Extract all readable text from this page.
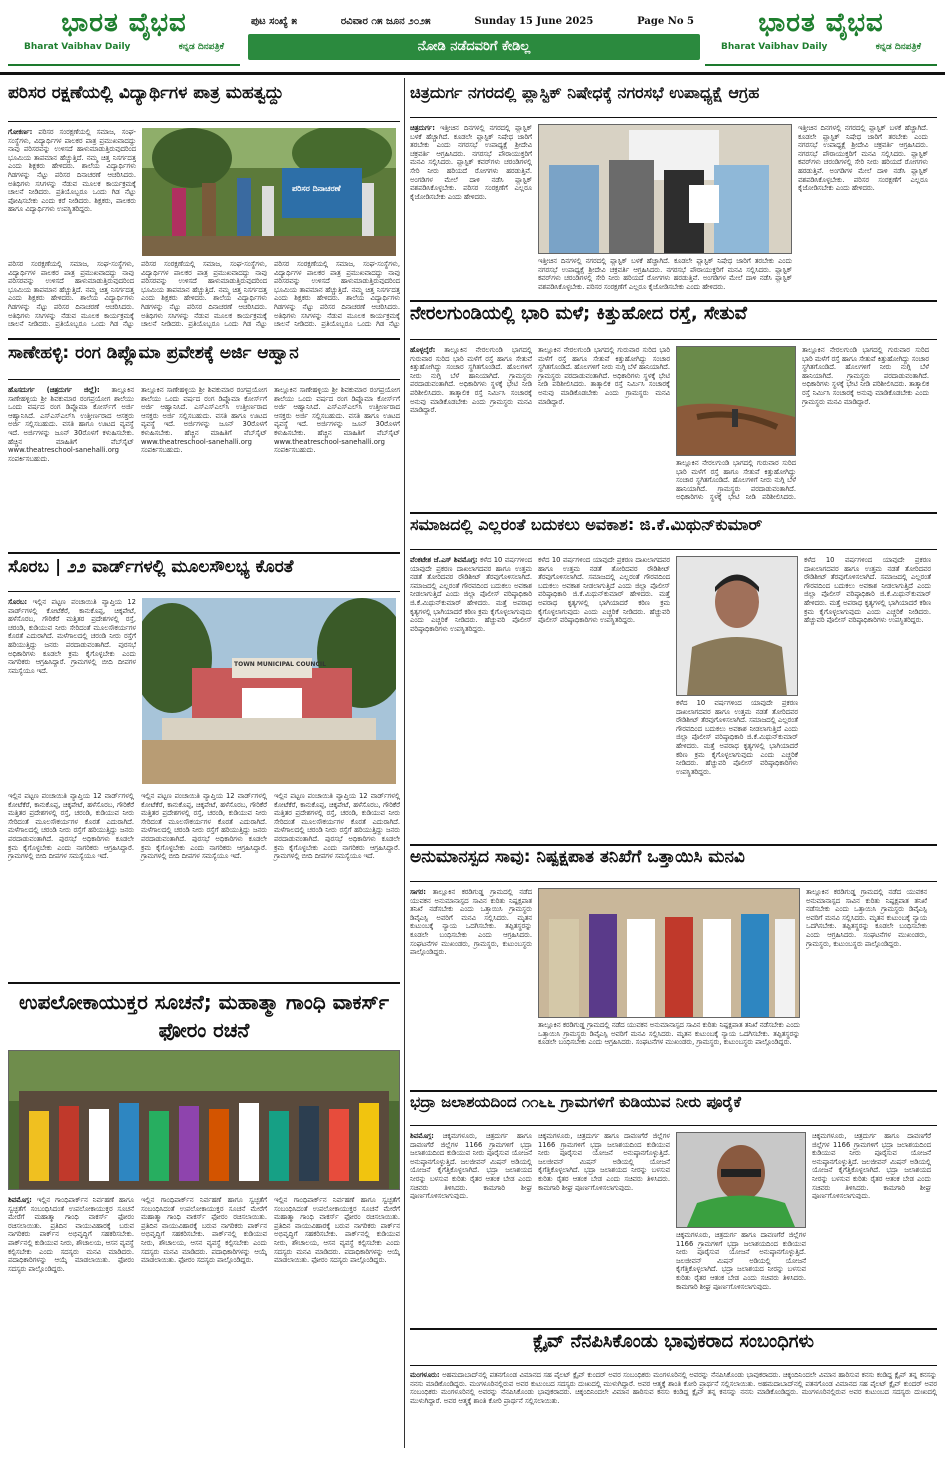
ಭಾರತ ವೈಭವ
Bharat Vaibhav Daily	ಕನ್ನಡ ದಿನಪತ್ರಿಕೆ
ಪುಟ ಸಂಖ್ಯೆ ೫	ರವಿವಾರ ೧೫ ಜೂನ ೨೦೨೫	Sunday 15 June 2025	Page No 5
ನೋಡಿ ನಡೆದವರಿಗೆ ಕೇಡಿಲ್ಲ
ಭಾರತ ವೈಭವ
Bharat Vaibhav Daily	ಕನ್ನಡ ದಿನಪತ್ರಿಕೆ
ಪರಿಸರ ರಕ್ಷಣೆಯಲ್ಲಿ ವಿದ್ಯಾರ್ಥಿಗಳ ಪಾತ್ರ ಮಹತ್ವದ್ದು
ಗೋಕರ್ಣ: ಪರಿಸರ ಸಂರಕ್ಷಣೆಯಲ್ಲಿ ಸಮಾಜ, ಸಂಘ-ಸಂಸ್ಥೆಗಳು, ವಿದ್ಯಾರ್ಥಿಗಳ ಪಾಲಕರ ಪಾತ್ರ ಪ್ರಮುಖವಾದದ್ದು ನಾವು ಪರಿಸರವನ್ನು ಉಳಿಸದೆ ಹಾಳುಮಾಡುತ್ತಿರುವುದರಿಂದ ಭೂಮಿಯ ತಾಪಮಾನ ಹೆಚ್ಚುತ್ತಿದೆ. ನಮ್ಮ ಚಿತ್ತ ನಿಸರ್ಗದತ್ತ ಎಂದು ಶಿಕ್ಷಕರು ಹೇಳಿದರು. ಶಾಲೆಯ ವಿದ್ಯಾರ್ಥಿಗಳು ಗಿಡಗಳನ್ನು ನೆಟ್ಟು ಪರಿಸರ ದಿನಾಚರಣೆ ಆಚರಿಸಿದರು. ಅತಿಥಿಗಳು ಸಸಿಗಳನ್ನು ನೆಡುವ ಮೂಲಕ ಕಾರ್ಯಕ್ರಮಕ್ಕೆ ಚಾಲನೆ ನೀಡಿದರು. ಪ್ರತಿಯೊಬ್ಬರೂ ಒಂದು ಗಿಡ ನೆಟ್ಟು ಪೋಷಿಸಬೇಕು ಎಂದು ಕರೆ ನೀಡಿದರು. ಶಿಕ್ಷಕರು, ಪಾಲಕರು ಹಾಗೂ ವಿದ್ಯಾರ್ಥಿಗಳು ಉಪಸ್ಥಿತರಿದ್ದರು.
ಪರಿಸರ ದಿನಾಚರಣೆ
ಪರಿಸರ ಸಂರಕ್ಷಣೆಯಲ್ಲಿ ಸಮಾಜ, ಸಂಘ-ಸಂಸ್ಥೆಗಳು, ವಿದ್ಯಾರ್ಥಿಗಳ ಪಾಲಕರ ಪಾತ್ರ ಪ್ರಮುಖವಾದದ್ದು ನಾವು ಪರಿಸರವನ್ನು ಉಳಿಸದೆ ಹಾಳುಮಾಡುತ್ತಿರುವುದರಿಂದ ಭೂಮಿಯ ತಾಪಮಾನ ಹೆಚ್ಚುತ್ತಿದೆ. ನಮ್ಮ ಚಿತ್ತ ನಿಸರ್ಗದತ್ತ ಎಂದು ಶಿಕ್ಷಕರು ಹೇಳಿದರು. ಶಾಲೆಯ ವಿದ್ಯಾರ್ಥಿಗಳು ಗಿಡಗಳನ್ನು ನೆಟ್ಟು ಪರಿಸರ ದಿನಾಚರಣೆ ಆಚರಿಸಿದರು. ಅತಿಥಿಗಳು ಸಸಿಗಳನ್ನು ನೆಡುವ ಮೂಲಕ ಕಾರ್ಯಕ್ರಮಕ್ಕೆ ಚಾಲನೆ ನೀಡಿದರು. ಪ್ರತಿಯೊಬ್ಬರೂ ಒಂದು ಗಿಡ ನೆಟ್ಟು
ಪರಿಸರ ಸಂರಕ್ಷಣೆಯಲ್ಲಿ ಸಮಾಜ, ಸಂಘ-ಸಂಸ್ಥೆಗಳು, ವಿದ್ಯಾರ್ಥಿಗಳ ಪಾಲಕರ ಪಾತ್ರ ಪ್ರಮುಖವಾದದ್ದು ನಾವು ಪರಿಸರವನ್ನು ಉಳಿಸದೆ ಹಾಳುಮಾಡುತ್ತಿರುವುದರಿಂದ ಭೂಮಿಯ ತಾಪಮಾನ ಹೆಚ್ಚುತ್ತಿದೆ. ನಮ್ಮ ಚಿತ್ತ ನಿಸರ್ಗದತ್ತ ಎಂದು ಶಿಕ್ಷಕರು ಹೇಳಿದರು. ಶಾಲೆಯ ವಿದ್ಯಾರ್ಥಿಗಳು ಗಿಡಗಳನ್ನು ನೆಟ್ಟು ಪರಿಸರ ದಿನಾಚರಣೆ ಆಚರಿಸಿದರು. ಅತಿಥಿಗಳು ಸಸಿಗಳನ್ನು ನೆಡುವ ಮೂಲಕ ಕಾರ್ಯಕ್ರಮಕ್ಕೆ ಚಾಲನೆ ನೀಡಿದರು. ಪ್ರತಿಯೊಬ್ಬರೂ ಒಂದು ಗಿಡ ನೆಟ್ಟು
ಪರಿಸರ ಸಂರಕ್ಷಣೆಯಲ್ಲಿ ಸಮಾಜ, ಸಂಘ-ಸಂಸ್ಥೆಗಳು, ವಿದ್ಯಾರ್ಥಿಗಳ ಪಾಲಕರ ಪಾತ್ರ ಪ್ರಮುಖವಾದದ್ದು ನಾವು ಪರಿಸರವನ್ನು ಉಳಿಸದೆ ಹಾಳುಮಾಡುತ್ತಿರುವುದರಿಂದ ಭೂಮಿಯ ತಾಪಮಾನ ಹೆಚ್ಚುತ್ತಿದೆ. ನಮ್ಮ ಚಿತ್ತ ನಿಸರ್ಗದತ್ತ ಎಂದು ಶಿಕ್ಷಕರು ಹೇಳಿದರು. ಶಾಲೆಯ ವಿದ್ಯಾರ್ಥಿಗಳು ಗಿಡಗಳನ್ನು ನೆಟ್ಟು ಪರಿಸರ ದಿನಾಚರಣೆ ಆಚರಿಸಿದರು. ಅತಿಥಿಗಳು ಸಸಿಗಳನ್ನು ನೆಡುವ ಮೂಲಕ ಕಾರ್ಯಕ್ರಮಕ್ಕೆ ಚಾಲನೆ ನೀಡಿದರು. ಪ್ರತಿಯೊಬ್ಬರೂ ಒಂದು ಗಿಡ ನೆಟ್ಟು
ಸಾಣೇಹಳ್ಳಿ: ರಂಗ ಡಿಪ್ಲೊಮಾ ಪ್ರವೇಶಕ್ಕೆ ಅರ್ಜಿ ಆಹ್ವಾನ
ಹೊಸದುರ್ಗ (ಚಿತ್ರದುರ್ಗ ಜಿಲ್ಲೆ): ತಾಲ್ಲೂಕಿನ ಸಾಣೇಹಳ್ಳಿಯ ಶ್ರೀ ಶಿವಕುಮಾರ ರಂಗಪ್ರಯೋಗ ಶಾಲೆಯು ಒಂದು ವರ್ಷದ ರಂಗ ಡಿಪ್ಲೊಮಾ ಕೋರ್ಸ್‌ಗೆ ಅರ್ಜಿ ಆಹ್ವಾನಿಸಿದೆ. ಎಸ್‌ಎಸ್‌ಎಲ್‌ಸಿ ಉತ್ತೀರ್ಣರಾದ ಆಸಕ್ತರು ಅರ್ಜಿ ಸಲ್ಲಿಸಬಹುದು. ವಸತಿ ಹಾಗೂ ಊಟದ ವ್ಯವಸ್ಥೆ ಇದೆ. ಅರ್ಜಿಗಳನ್ನು ಜೂನ್ 30ರೊಳಗೆ ಕಳುಹಿಸಬೇಕು. ಹೆಚ್ಚಿನ ಮಾಹಿತಿಗೆ ವೆಬ್‌ಸೈಟ್ www.theatreschool-sanehalli.org ಸಂಪರ್ಕಿಸಬಹುದು.
ತಾಲ್ಲೂಕಿನ ಸಾಣೇಹಳ್ಳಿಯ ಶ್ರೀ ಶಿವಕುಮಾರ ರಂಗಪ್ರಯೋಗ ಶಾಲೆಯು ಒಂದು ವರ್ಷದ ರಂಗ ಡಿಪ್ಲೊಮಾ ಕೋರ್ಸ್‌ಗೆ ಅರ್ಜಿ ಆಹ್ವಾನಿಸಿದೆ. ಎಸ್‌ಎಸ್‌ಎಲ್‌ಸಿ ಉತ್ತೀರ್ಣರಾದ ಆಸಕ್ತರು ಅರ್ಜಿ ಸಲ್ಲಿಸಬಹುದು. ವಸತಿ ಹಾಗೂ ಊಟದ ವ್ಯವಸ್ಥೆ ಇದೆ. ಅರ್ಜಿಗಳನ್ನು ಜೂನ್ 30ರೊಳಗೆ ಕಳುಹಿಸಬೇಕು. ಹೆಚ್ಚಿನ ಮಾಹಿತಿಗೆ ವೆಬ್‌ಸೈಟ್ www.theatreschool-sanehalli.org ಸಂಪರ್ಕಿಸಬಹುದು.
ತಾಲ್ಲೂಕಿನ ಸಾಣೇಹಳ್ಳಿಯ ಶ್ರೀ ಶಿವಕುಮಾರ ರಂಗಪ್ರಯೋಗ ಶಾಲೆಯು ಒಂದು ವರ್ಷದ ರಂಗ ಡಿಪ್ಲೊಮಾ ಕೋರ್ಸ್‌ಗೆ ಅರ್ಜಿ ಆಹ್ವಾನಿಸಿದೆ. ಎಸ್‌ಎಸ್‌ಎಲ್‌ಸಿ ಉತ್ತೀರ್ಣರಾದ ಆಸಕ್ತರು ಅರ್ಜಿ ಸಲ್ಲಿಸಬಹುದು. ವಸತಿ ಹಾಗೂ ಊಟದ ವ್ಯವಸ್ಥೆ ಇದೆ. ಅರ್ಜಿಗಳನ್ನು ಜೂನ್ 30ರೊಳಗೆ ಕಳುಹಿಸಬೇಕು. ಹೆಚ್ಚಿನ ಮಾಹಿತಿಗೆ ವೆಬ್‌ಸೈಟ್ www.theatreschool-sanehalli.org ಸಂಪರ್ಕಿಸಬಹುದು.
ಸೊರಬ | ೨೨ ವಾರ್ಡ್‌ಗಳಲ್ಲಿ ಮೂಲಸೌಲಭ್ಯ ಕೊರತೆ
ಸೊರಬ: ಇಲ್ಲಿನ ಪಟ್ಟಣ ಪಂಚಾಯಿತಿ ವ್ಯಾಪ್ತಿಯ 12 ವಾರ್ಡ್‌ಗಳಲ್ಲಿ ಕೋಟೆಕೆರೆ, ಕಾನುಕೊಪ್ಪ, ಚಿಕ್ಕಪೇಟೆ, ಹಳೆಸೊರಬ, ಗೌರಿಕೆರೆ ಮತ್ತಿತರ ಪ್ರದೇಶಗಳಲ್ಲಿ ರಸ್ತೆ, ಚರಂಡಿ, ಕುಡಿಯುವ ನೀರು ಸೇರಿದಂತೆ ಮೂಲಸೌಕರ್ಯಗಳ ಕೊರತೆ ಎದುರಾಗಿದೆ. ಮಳೆಗಾಲದಲ್ಲಿ ಚರಂಡಿ ನೀರು ರಸ್ತೆಗೆ ಹರಿಯುತ್ತಿದ್ದು ಜನರು ಪರದಾಡುವಂತಾಗಿದೆ. ಪುರಸಭೆ ಅಧಿಕಾರಿಗಳು ಕೂಡಲೇ ಕ್ರಮ ಕೈಗೊಳ್ಳಬೇಕು ಎಂದು ನಾಗರಿಕರು ಆಗ್ರಹಿಸಿದ್ದಾರೆ. ಗ್ರಾಮಗಳಲ್ಲಿ ಬೀದಿ ದೀಪಗಳ ಸಮಸ್ಯೆಯೂ ಇದೆ.
TOWN MUNICIPAL COUNCIL
ಇಲ್ಲಿನ ಪಟ್ಟಣ ಪಂಚಾಯಿತಿ ವ್ಯಾಪ್ತಿಯ 12 ವಾರ್ಡ್‌ಗಳಲ್ಲಿ ಕೋಟೆಕೆರೆ, ಕಾನುಕೊಪ್ಪ, ಚಿಕ್ಕಪೇಟೆ, ಹಳೆಸೊರಬ, ಗೌರಿಕೆರೆ ಮತ್ತಿತರ ಪ್ರದೇಶಗಳಲ್ಲಿ ರಸ್ತೆ, ಚರಂಡಿ, ಕುಡಿಯುವ ನೀರು ಸೇರಿದಂತೆ ಮೂಲಸೌಕರ್ಯಗಳ ಕೊರತೆ ಎದುರಾಗಿದೆ. ಮಳೆಗಾಲದಲ್ಲಿ ಚರಂಡಿ ನೀರು ರಸ್ತೆಗೆ ಹರಿಯುತ್ತಿದ್ದು ಜನರು ಪರದಾಡುವಂತಾಗಿದೆ. ಪುರಸಭೆ ಅಧಿಕಾರಿಗಳು ಕೂಡಲೇ ಕ್ರಮ ಕೈಗೊಳ್ಳಬೇಕು ಎಂದು ನಾಗರಿಕರು ಆಗ್ರಹಿಸಿದ್ದಾರೆ. ಗ್ರಾಮಗಳಲ್ಲಿ ಬೀದಿ ದೀಪಗಳ ಸಮಸ್ಯೆಯೂ ಇದೆ.
ಇಲ್ಲಿನ ಪಟ್ಟಣ ಪಂಚಾಯಿತಿ ವ್ಯಾಪ್ತಿಯ 12 ವಾರ್ಡ್‌ಗಳಲ್ಲಿ ಕೋಟೆಕೆರೆ, ಕಾನುಕೊಪ್ಪ, ಚಿಕ್ಕಪೇಟೆ, ಹಳೆಸೊರಬ, ಗೌರಿಕೆರೆ ಮತ್ತಿತರ ಪ್ರದೇಶಗಳಲ್ಲಿ ರಸ್ತೆ, ಚರಂಡಿ, ಕುಡಿಯುವ ನೀರು ಸೇರಿದಂತೆ ಮೂಲಸೌಕರ್ಯಗಳ ಕೊರತೆ ಎದುರಾಗಿದೆ. ಮಳೆಗಾಲದಲ್ಲಿ ಚರಂಡಿ ನೀರು ರಸ್ತೆಗೆ ಹರಿಯುತ್ತಿದ್ದು ಜನರು ಪರದಾಡುವಂತಾಗಿದೆ. ಪುರಸಭೆ ಅಧಿಕಾರಿಗಳು ಕೂಡಲೇ ಕ್ರಮ ಕೈಗೊಳ್ಳಬೇಕು ಎಂದು ನಾಗರಿಕರು ಆಗ್ರಹಿಸಿದ್ದಾರೆ. ಗ್ರಾಮಗಳಲ್ಲಿ ಬೀದಿ ದೀಪಗಳ ಸಮಸ್ಯೆಯೂ ಇದೆ.
ಇಲ್ಲಿನ ಪಟ್ಟಣ ಪಂಚಾಯಿತಿ ವ್ಯಾಪ್ತಿಯ 12 ವಾರ್ಡ್‌ಗಳಲ್ಲಿ ಕೋಟೆಕೆರೆ, ಕಾನುಕೊಪ್ಪ, ಚಿಕ್ಕಪೇಟೆ, ಹಳೆಸೊರಬ, ಗೌರಿಕೆರೆ ಮತ್ತಿತರ ಪ್ರದೇಶಗಳಲ್ಲಿ ರಸ್ತೆ, ಚರಂಡಿ, ಕುಡಿಯುವ ನೀರು ಸೇರಿದಂತೆ ಮೂಲಸೌಕರ್ಯಗಳ ಕೊರತೆ ಎದುರಾಗಿದೆ. ಮಳೆಗಾಲದಲ್ಲಿ ಚರಂಡಿ ನೀರು ರಸ್ತೆಗೆ ಹರಿಯುತ್ತಿದ್ದು ಜನರು ಪರದಾಡುವಂತಾಗಿದೆ. ಪುರಸಭೆ ಅಧಿಕಾರಿಗಳು ಕೂಡಲೇ ಕ್ರಮ ಕೈಗೊಳ್ಳಬೇಕು ಎಂದು ನಾಗರಿಕರು ಆಗ್ರಹಿಸಿದ್ದಾರೆ. ಗ್ರಾಮಗಳಲ್ಲಿ ಬೀದಿ ದೀಪಗಳ ಸಮಸ್ಯೆಯೂ ಇದೆ.
ಉಪಲೋಕಾಯುಕ್ತರ ಸೂಚನೆ; ಮಹಾತ್ಮಾ ಗಾಂಧಿ ವಾಕರ್ಸ್ ಫೋರಂ ರಚನೆ
ಶಿವಮೊಗ್ಗ: ಇಲ್ಲಿನ ಗಾಂಧಿಪಾರ್ಕ್‌ನ ನಿರ್ವಹಣೆ ಹಾಗೂ ಸ್ವಚ್ಛತೆಗೆ ಸಂಬಂಧಿಸಿದಂತೆ ಉಪಲೋಕಾಯುಕ್ತರ ಸೂಚನೆ ಮೇರೆಗೆ ಮಹಾತ್ಮಾ ಗಾಂಧಿ ವಾಕರ್ಸ್ ಫೋರಂ ರಚಿಸಲಾಯಿತು. ಪ್ರತಿದಿನ ವಾಯುವಿಹಾರಕ್ಕೆ ಬರುವ ನಾಗರಿಕರು ಪಾರ್ಕ್‌ನ ಅಭಿವೃದ್ಧಿಗೆ ಸಹಕರಿಸಬೇಕು. ಪಾರ್ಕ್‌ನಲ್ಲಿ ಕುಡಿಯುವ ನೀರು, ಶೌಚಾಲಯ, ಆಸನ ವ್ಯವಸ್ಥೆ ಕಲ್ಪಿಸಬೇಕು ಎಂದು ಸದಸ್ಯರು ಮನವಿ ಮಾಡಿದರು. ಪದಾಧಿಕಾರಿಗಳನ್ನು ಆಯ್ಕೆ ಮಾಡಲಾಯಿತು. ಫೋರಂ ಸದಸ್ಯರು ಪಾಲ್ಗೊಂಡಿದ್ದರು.
ಇಲ್ಲಿನ ಗಾಂಧಿಪಾರ್ಕ್‌ನ ನಿರ್ವಹಣೆ ಹಾಗೂ ಸ್ವಚ್ಛತೆಗೆ ಸಂಬಂಧಿಸಿದಂತೆ ಉಪಲೋಕಾಯುಕ್ತರ ಸೂಚನೆ ಮೇರೆಗೆ ಮಹಾತ್ಮಾ ಗಾಂಧಿ ವಾಕರ್ಸ್ ಫೋರಂ ರಚಿಸಲಾಯಿತು. ಪ್ರತಿದಿನ ವಾಯುವಿಹಾರಕ್ಕೆ ಬರುವ ನಾಗರಿಕರು ಪಾರ್ಕ್‌ನ ಅಭಿವೃದ್ಧಿಗೆ ಸಹಕರಿಸಬೇಕು. ಪಾರ್ಕ್‌ನಲ್ಲಿ ಕುಡಿಯುವ ನೀರು, ಶೌಚಾಲಯ, ಆಸನ ವ್ಯವಸ್ಥೆ ಕಲ್ಪಿಸಬೇಕು ಎಂದು ಸದಸ್ಯರು ಮನವಿ ಮಾಡಿದರು. ಪದಾಧಿಕಾರಿಗಳನ್ನು ಆಯ್ಕೆ ಮಾಡಲಾಯಿತು. ಫೋರಂ ಸದಸ್ಯರು ಪಾಲ್ಗೊಂಡಿದ್ದರು.
ಇಲ್ಲಿನ ಗಾಂಧಿಪಾರ್ಕ್‌ನ ನಿರ್ವಹಣೆ ಹಾಗೂ ಸ್ವಚ್ಛತೆಗೆ ಸಂಬಂಧಿಸಿದಂತೆ ಉಪಲೋಕಾಯುಕ್ತರ ಸೂಚನೆ ಮೇರೆಗೆ ಮಹಾತ್ಮಾ ಗಾಂಧಿ ವಾಕರ್ಸ್ ಫೋರಂ ರಚಿಸಲಾಯಿತು. ಪ್ರತಿದಿನ ವಾಯುವಿಹಾರಕ್ಕೆ ಬರುವ ನಾಗರಿಕರು ಪಾರ್ಕ್‌ನ ಅಭಿವೃದ್ಧಿಗೆ ಸಹಕರಿಸಬೇಕು. ಪಾರ್ಕ್‌ನಲ್ಲಿ ಕುಡಿಯುವ ನೀರು, ಶೌಚಾಲಯ, ಆಸನ ವ್ಯವಸ್ಥೆ ಕಲ್ಪಿಸಬೇಕು ಎಂದು ಸದಸ್ಯರು ಮನವಿ ಮಾಡಿದರು. ಪದಾಧಿಕಾರಿಗಳನ್ನು ಆಯ್ಕೆ ಮಾಡಲಾಯಿತು. ಫೋರಂ ಸದಸ್ಯರು ಪಾಲ್ಗೊಂಡಿದ್ದರು.
ಚಿತ್ರದುರ್ಗ ನಗರದಲ್ಲಿ ಪ್ಲಾಸ್ಟಿಕ್ ನಿಷೇಧಕ್ಕೆ ನಗರಸಭೆ ಉಪಾಧ್ಯಕ್ಷೆ ಆಗ್ರಹ
ಚಿತ್ರದುರ್ಗ: ಇತ್ತೀಚಿನ ದಿನಗಳಲ್ಲಿ ನಗರದಲ್ಲಿ ಪ್ಲಾಸ್ಟಿಕ್ ಬಳಕೆ ಹೆಚ್ಚಾಗಿದೆ. ಕೂಡಲೇ ಪ್ಲಾಸ್ಟಿಕ್ ನಿಷೇಧ ಜಾರಿಗೆ ತರಬೇಕು ಎಂದು ನಗರಸಭೆ ಉಪಾಧ್ಯಕ್ಷೆ ಶ್ರೀದೇವಿ ಚಕ್ರವರ್ತಿ ಆಗ್ರಹಿಸಿದರು. ನಗರಸಭೆ ಪೌರಾಯುಕ್ತರಿಗೆ ಮನವಿ ಸಲ್ಲಿಸಿದರು. ಪ್ಲಾಸ್ಟಿಕ್ ಕವರ್‌ಗಳು ಚರಂಡಿಗಳಲ್ಲಿ ಸೇರಿ ನೀರು ಹರಿಯದೆ ರೋಗಗಳು ಹರಡುತ್ತಿವೆ. ಅಂಗಡಿಗಳ ಮೇಲೆ ದಾಳಿ ನಡೆಸಿ ಪ್ಲಾಸ್ಟಿಕ್ ವಶಪಡಿಸಿಕೊಳ್ಳಬೇಕು. ಪರಿಸರ ಸಂರಕ್ಷಣೆಗೆ ಎಲ್ಲರೂ ಕೈಜೋಡಿಸಬೇಕು ಎಂದು ಹೇಳಿದರು.
ಇತ್ತೀಚಿನ ದಿನಗಳಲ್ಲಿ ನಗರದಲ್ಲಿ ಪ್ಲಾಸ್ಟಿಕ್ ಬಳಕೆ ಹೆಚ್ಚಾಗಿದೆ. ಕೂಡಲೇ ಪ್ಲಾಸ್ಟಿಕ್ ನಿಷೇಧ ಜಾರಿಗೆ ತರಬೇಕು ಎಂದು ನಗರಸಭೆ ಉಪಾಧ್ಯಕ್ಷೆ ಶ್ರೀದೇವಿ ಚಕ್ರವರ್ತಿ ಆಗ್ರಹಿಸಿದರು. ನಗರಸಭೆ ಪೌರಾಯುಕ್ತರಿಗೆ ಮನವಿ ಸಲ್ಲಿಸಿದರು. ಪ್ಲಾಸ್ಟಿಕ್ ಕವರ್‌ಗಳು ಚರಂಡಿಗಳಲ್ಲಿ ಸೇರಿ ನೀರು ಹರಿಯದೆ ರೋಗಗಳು ಹರಡುತ್ತಿವೆ. ಅಂಗಡಿಗಳ ಮೇಲೆ ದಾಳಿ ನಡೆಸಿ ಪ್ಲಾಸ್ಟಿಕ್ ವಶಪಡಿಸಿಕೊಳ್ಳಬೇಕು. ಪರಿಸರ ಸಂರಕ್ಷಣೆಗೆ ಎಲ್ಲರೂ ಕೈಜೋಡಿಸಬೇಕು ಎಂದು ಹೇಳಿದರು.
ಇತ್ತೀಚಿನ ದಿನಗಳಲ್ಲಿ ನಗರದಲ್ಲಿ ಪ್ಲಾಸ್ಟಿಕ್ ಬಳಕೆ ಹೆಚ್ಚಾಗಿದೆ. ಕೂಡಲೇ ಪ್ಲಾಸ್ಟಿಕ್ ನಿಷೇಧ ಜಾರಿಗೆ ತರಬೇಕು ಎಂದು ನಗರಸಭೆ ಉಪಾಧ್ಯಕ್ಷೆ ಶ್ರೀದೇವಿ ಚಕ್ರವರ್ತಿ ಆಗ್ರಹಿಸಿದರು. ನಗರಸಭೆ ಪೌರಾಯುಕ್ತರಿಗೆ ಮನವಿ ಸಲ್ಲಿಸಿದರು. ಪ್ಲಾಸ್ಟಿಕ್ ಕವರ್‌ಗಳು ಚರಂಡಿಗಳಲ್ಲಿ ಸೇರಿ ನೀರು ಹರಿಯದೆ ರೋಗಗಳು ಹರಡುತ್ತಿವೆ. ಅಂಗಡಿಗಳ ಮೇಲೆ ದಾಳಿ ನಡೆಸಿ ಪ್ಲಾಸ್ಟಿಕ್ ವಶಪಡಿಸಿಕೊಳ್ಳಬೇಕು. ಪರಿಸರ ಸಂರಕ್ಷಣೆಗೆ ಎಲ್ಲರೂ ಕೈಜೋಡಿಸಬೇಕು ಎಂದು ಹೇಳಿದರು.
ನೇರಲಗುಂಡಿಯಲ್ಲಿ ಭಾರಿ ಮಳೆ; ಕಿತ್ತುಹೋದ ರಸ್ತೆ, ಸೇತುವೆ
ಹೊಳ್ಳಲ್ಕೆರೆ: ತಾಲ್ಲೂಕಿನ ನೇರಲಗುಂಡಿ ಭಾಗದಲ್ಲಿ ಗುರುವಾರ ಸುರಿದ ಭಾರಿ ಮಳೆಗೆ ರಸ್ತೆ ಹಾಗೂ ಸೇತುವೆ ಕಿತ್ತುಹೋಗಿದ್ದು ಸಂಚಾರ ಸ್ಥಗಿತಗೊಂಡಿದೆ. ಹೊಲಗಳಿಗೆ ನೀರು ನುಗ್ಗಿ ಬೆಳೆ ಹಾನಿಯಾಗಿದೆ. ಗ್ರಾಮಸ್ಥರು ಪರದಾಡುವಂತಾಗಿದೆ. ಅಧಿಕಾರಿಗಳು ಸ್ಥಳಕ್ಕೆ ಭೇಟಿ ನೀಡಿ ಪರಿಶೀಲಿಸಿದರು. ತಾತ್ಕಾಲಿಕ ರಸ್ತೆ ನಿರ್ಮಿಸಿ ಸಂಚಾರಕ್ಕೆ ಅನುವು ಮಾಡಿಕೊಡಬೇಕು ಎಂದು ಗ್ರಾಮಸ್ಥರು ಮನವಿ ಮಾಡಿದ್ದಾರೆ.
ತಾಲ್ಲೂಕಿನ ನೇರಲಗುಂಡಿ ಭಾಗದಲ್ಲಿ ಗುರುವಾರ ಸುರಿದ ಭಾರಿ ಮಳೆಗೆ ರಸ್ತೆ ಹಾಗೂ ಸೇತುವೆ ಕಿತ್ತುಹೋಗಿದ್ದು ಸಂಚಾರ ಸ್ಥಗಿತಗೊಂಡಿದೆ. ಹೊಲಗಳಿಗೆ ನೀರು ನುಗ್ಗಿ ಬೆಳೆ ಹಾನಿಯಾಗಿದೆ. ಗ್ರಾಮಸ್ಥರು ಪರದಾಡುವಂತಾಗಿದೆ. ಅಧಿಕಾರಿಗಳು ಸ್ಥಳಕ್ಕೆ ಭೇಟಿ ನೀಡಿ ಪರಿಶೀಲಿಸಿದರು. ತಾತ್ಕಾಲಿಕ ರಸ್ತೆ ನಿರ್ಮಿಸಿ ಸಂಚಾರಕ್ಕೆ ಅನುವು ಮಾಡಿಕೊಡಬೇಕು ಎಂದು ಗ್ರಾಮಸ್ಥರು ಮನವಿ ಮಾಡಿದ್ದಾರೆ.
ತಾಲ್ಲೂಕಿನ ನೇರಲಗುಂಡಿ ಭಾಗದಲ್ಲಿ ಗುರುವಾರ ಸುರಿದ ಭಾರಿ ಮಳೆಗೆ ರಸ್ತೆ ಹಾಗೂ ಸೇತುವೆ ಕಿತ್ತುಹೋಗಿದ್ದು ಸಂಚಾರ ಸ್ಥಗಿತಗೊಂಡಿದೆ. ಹೊಲಗಳಿಗೆ ನೀರು ನುಗ್ಗಿ ಬೆಳೆ ಹಾನಿಯಾಗಿದೆ. ಗ್ರಾಮಸ್ಥರು ಪರದಾಡುವಂತಾಗಿದೆ. ಅಧಿಕಾರಿಗಳು ಸ್ಥಳಕ್ಕೆ ಭೇಟಿ ನೀಡಿ ಪರಿಶೀಲಿಸಿದರು.
ತಾಲ್ಲೂಕಿನ ನೇರಲಗುಂಡಿ ಭಾಗದಲ್ಲಿ ಗುರುವಾರ ಸುರಿದ ಭಾರಿ ಮಳೆಗೆ ರಸ್ತೆ ಹಾಗೂ ಸೇತುವೆ ಕಿತ್ತುಹೋಗಿದ್ದು ಸಂಚಾರ ಸ್ಥಗಿತಗೊಂಡಿದೆ. ಹೊಲಗಳಿಗೆ ನೀರು ನುಗ್ಗಿ ಬೆಳೆ ಹಾನಿಯಾಗಿದೆ. ಗ್ರಾಮಸ್ಥರು ಪರದಾಡುವಂತಾಗಿದೆ. ಅಧಿಕಾರಿಗಳು ಸ್ಥಳಕ್ಕೆ ಭೇಟಿ ನೀಡಿ ಪರಿಶೀಲಿಸಿದರು. ತಾತ್ಕಾಲಿಕ ರಸ್ತೆ ನಿರ್ಮಿಸಿ ಸಂಚಾರಕ್ಕೆ ಅನುವು ಮಾಡಿಕೊಡಬೇಕು ಎಂದು ಗ್ರಾಮಸ್ಥರು ಮನವಿ ಮಾಡಿದ್ದಾರೆ.
ಸಮಾಜದಲ್ಲಿ ಎಲ್ಲರಂತೆ ಬದುಕಲು ಅವಕಾಶ: ಜಿ.ಕೆ.ಮಿಥುನ್‌ಕುಮಾರ್
ವೆಂಕಟೇಶ ಜೆ.ಎಸ್ ಶಿವಮೊಗ್ಗ: ಕಳೆದ 10 ವರ್ಷಗಳಿಂದ ಯಾವುದೇ ಪ್ರಕರಣ ದಾಖಲಾಗದವರ ಹಾಗೂ ಉತ್ತಮ ನಡತೆ ತೋರಿದವರ ರೌಡಿಶೀಟ್ ತೆರವುಗೊಳಿಸಲಾಗಿದೆ. ಸಮಾಜದಲ್ಲಿ ಎಲ್ಲರಂತೆ ಗೌರವದಿಂದ ಬದುಕಲು ಅವಕಾಶ ನೀಡಲಾಗುತ್ತಿದೆ ಎಂದು ಜಿಲ್ಲಾ ಪೊಲೀಸ್ ವರಿಷ್ಠಾಧಿಕಾರಿ ಜಿ.ಕೆ.ಮಿಥುನ್‌ಕುಮಾರ್ ಹೇಳಿದರು. ಮತ್ತೆ ಅಪರಾಧ ಕೃತ್ಯಗಳಲ್ಲಿ ಭಾಗಿಯಾದರೆ ಕಠಿಣ ಕ್ರಮ ಕೈಗೊಳ್ಳಲಾಗುವುದು ಎಂದು ಎಚ್ಚರಿಕೆ ನೀಡಿದರು. ಹೆಚ್ಚುವರಿ ಪೊಲೀಸ್ ವರಿಷ್ಠಾಧಿಕಾರಿಗಳು ಉಪಸ್ಥಿತರಿದ್ದರು.
ಕಳೆದ 10 ವರ್ಷಗಳಿಂದ ಯಾವುದೇ ಪ್ರಕರಣ ದಾಖಲಾಗದವರ ಹಾಗೂ ಉತ್ತಮ ನಡತೆ ತೋರಿದವರ ರೌಡಿಶೀಟ್ ತೆರವುಗೊಳಿಸಲಾಗಿದೆ. ಸಮಾಜದಲ್ಲಿ ಎಲ್ಲರಂತೆ ಗೌರವದಿಂದ ಬದುಕಲು ಅವಕಾಶ ನೀಡಲಾಗುತ್ತಿದೆ ಎಂದು ಜಿಲ್ಲಾ ಪೊಲೀಸ್ ವರಿಷ್ಠಾಧಿಕಾರಿ ಜಿ.ಕೆ.ಮಿಥುನ್‌ಕುಮಾರ್ ಹೇಳಿದರು. ಮತ್ತೆ ಅಪರಾಧ ಕೃತ್ಯಗಳಲ್ಲಿ ಭಾಗಿಯಾದರೆ ಕಠಿಣ ಕ್ರಮ ಕೈಗೊಳ್ಳಲಾಗುವುದು ಎಂದು ಎಚ್ಚರಿಕೆ ನೀಡಿದರು. ಹೆಚ್ಚುವರಿ ಪೊಲೀಸ್ ವರಿಷ್ಠಾಧಿಕಾರಿಗಳು ಉಪಸ್ಥಿತರಿದ್ದರು.
ಕಳೆದ 10 ವರ್ಷಗಳಿಂದ ಯಾವುದೇ ಪ್ರಕರಣ ದಾಖಲಾಗದವರ ಹಾಗೂ ಉತ್ತಮ ನಡತೆ ತೋರಿದವರ ರೌಡಿಶೀಟ್ ತೆರವುಗೊಳಿಸಲಾಗಿದೆ. ಸಮಾಜದಲ್ಲಿ ಎಲ್ಲರಂತೆ ಗೌರವದಿಂದ ಬದುಕಲು ಅವಕಾಶ ನೀಡಲಾಗುತ್ತಿದೆ ಎಂದು ಜಿಲ್ಲಾ ಪೊಲೀಸ್ ವರಿಷ್ಠಾಧಿಕಾರಿ ಜಿ.ಕೆ.ಮಿಥುನ್‌ಕುಮಾರ್ ಹೇಳಿದರು. ಮತ್ತೆ ಅಪರಾಧ ಕೃತ್ಯಗಳಲ್ಲಿ ಭಾಗಿಯಾದರೆ ಕಠಿಣ ಕ್ರಮ ಕೈಗೊಳ್ಳಲಾಗುವುದು ಎಂದು ಎಚ್ಚರಿಕೆ ನೀಡಿದರು. ಹೆಚ್ಚುವರಿ ಪೊಲೀಸ್ ವರಿಷ್ಠಾಧಿಕಾರಿಗಳು ಉಪಸ್ಥಿತರಿದ್ದರು.
ಕಳೆದ 10 ವರ್ಷಗಳಿಂದ ಯಾವುದೇ ಪ್ರಕರಣ ದಾಖಲಾಗದವರ ಹಾಗೂ ಉತ್ತಮ ನಡತೆ ತೋರಿದವರ ರೌಡಿಶೀಟ್ ತೆರವುಗೊಳಿಸಲಾಗಿದೆ. ಸಮಾಜದಲ್ಲಿ ಎಲ್ಲರಂತೆ ಗೌರವದಿಂದ ಬದುಕಲು ಅವಕಾಶ ನೀಡಲಾಗುತ್ತಿದೆ ಎಂದು ಜಿಲ್ಲಾ ಪೊಲೀಸ್ ವರಿಷ್ಠಾಧಿಕಾರಿ ಜಿ.ಕೆ.ಮಿಥುನ್‌ಕುಮಾರ್ ಹೇಳಿದರು. ಮತ್ತೆ ಅಪರಾಧ ಕೃತ್ಯಗಳಲ್ಲಿ ಭಾಗಿಯಾದರೆ ಕಠಿಣ ಕ್ರಮ ಕೈಗೊಳ್ಳಲಾಗುವುದು ಎಂದು ಎಚ್ಚರಿಕೆ ನೀಡಿದರು. ಹೆಚ್ಚುವರಿ ಪೊಲೀಸ್ ವರಿಷ್ಠಾಧಿಕಾರಿಗಳು ಉಪಸ್ಥಿತರಿದ್ದರು.
ಅನುಮಾನಸ್ಪದ ಸಾವು: ನಿಷ್ಪಕ್ಷಪಾತ ತನಿಖೆಗೆ ಒತ್ತಾಯಿಸಿ ಮನವಿ
ಸಾಗರ: ತಾಲ್ಲೂಕಿನ ಕರಡಿಗುಡ್ಡ ಗ್ರಾಮದಲ್ಲಿ ನಡೆದ ಯುವಕನ ಅನುಮಾನಾಸ್ಪದ ಸಾವಿನ ಕುರಿತು ನಿಷ್ಪಕ್ಷಪಾತ ತನಿಖೆ ನಡೆಸಬೇಕು ಎಂದು ಒತ್ತಾಯಿಸಿ ಗ್ರಾಮಸ್ಥರು ಡಿವೈಎಸ್ಪಿ ಅವರಿಗೆ ಮನವಿ ಸಲ್ಲಿಸಿದರು. ಮೃತನ ಕುಟುಂಬಕ್ಕೆ ನ್ಯಾಯ ಒದಗಿಸಬೇಕು. ತಪ್ಪಿತಸ್ಥರನ್ನು ಕೂಡಲೇ ಬಂಧಿಸಬೇಕು ಎಂದು ಆಗ್ರಹಿಸಿದರು. ಸಂಘಟನೆಗಳ ಮುಖಂಡರು, ಗ್ರಾಮಸ್ಥರು, ಕುಟುಂಬಸ್ಥರು ಪಾಲ್ಗೊಂಡಿದ್ದರು.
ತಾಲ್ಲೂಕಿನ ಕರಡಿಗುಡ್ಡ ಗ್ರಾಮದಲ್ಲಿ ನಡೆದ ಯುವಕನ ಅನುಮಾನಾಸ್ಪದ ಸಾವಿನ ಕುರಿತು ನಿಷ್ಪಕ್ಷಪಾತ ತನಿಖೆ ನಡೆಸಬೇಕು ಎಂದು ಒತ್ತಾಯಿಸಿ ಗ್ರಾಮಸ್ಥರು ಡಿವೈಎಸ್ಪಿ ಅವರಿಗೆ ಮನವಿ ಸಲ್ಲಿಸಿದರು. ಮೃತನ ಕುಟುಂಬಕ್ಕೆ ನ್ಯಾಯ ಒದಗಿಸಬೇಕು. ತಪ್ಪಿತಸ್ಥರನ್ನು ಕೂಡಲೇ ಬಂಧಿಸಬೇಕು ಎಂದು ಆಗ್ರಹಿಸಿದರು. ಸಂಘಟನೆಗಳ ಮುಖಂಡರು, ಗ್ರಾಮಸ್ಥರು, ಕುಟುಂಬಸ್ಥರು ಪಾಲ್ಗೊಂಡಿದ್ದರು.
ತಾಲ್ಲೂಕಿನ ಕರಡಿಗುಡ್ಡ ಗ್ರಾಮದಲ್ಲಿ ನಡೆದ ಯುವಕನ ಅನುಮಾನಾಸ್ಪದ ಸಾವಿನ ಕುರಿತು ನಿಷ್ಪಕ್ಷಪಾತ ತನಿಖೆ ನಡೆಸಬೇಕು ಎಂದು ಒತ್ತಾಯಿಸಿ ಗ್ರಾಮಸ್ಥರು ಡಿವೈಎಸ್ಪಿ ಅವರಿಗೆ ಮನವಿ ಸಲ್ಲಿಸಿದರು. ಮೃತನ ಕುಟುಂಬಕ್ಕೆ ನ್ಯಾಯ ಒದಗಿಸಬೇಕು. ತಪ್ಪಿತಸ್ಥರನ್ನು ಕೂಡಲೇ ಬಂಧಿಸಬೇಕು ಎಂದು ಆಗ್ರಹಿಸಿದರು. ಸಂಘಟನೆಗಳ ಮುಖಂಡರು, ಗ್ರಾಮಸ್ಥರು, ಕುಟುಂಬಸ್ಥರು ಪಾಲ್ಗೊಂಡಿದ್ದರು.
ಭದ್ರಾ ಜಲಾಶಯದಿಂದ ೧೧೬೬ ಗ್ರಾಮಗಳಿಗೆ ಕುಡಿಯುವ ನೀರು ಪೂರೈಕೆ
ಶಿವಮೊಗ್ಗ: ಚಿಕ್ಕಮಗಳೂರು, ಚಿತ್ರದುರ್ಗ ಹಾಗೂ ದಾವಣಗೆರೆ ಜಿಲ್ಲೆಗಳ 1166 ಗ್ರಾಮಗಳಿಗೆ ಭದ್ರಾ ಜಲಾಶಯದಿಂದ ಕುಡಿಯುವ ನೀರು ಪೂರೈಸುವ ಯೋಜನೆ ಅನುಷ್ಠಾನಗೊಳ್ಳುತ್ತಿದೆ. ಜಲಜೀವನ್ ಮಿಷನ್ ಅಡಿಯಲ್ಲಿ ಯೋಜನೆ ಕೈಗೆತ್ತಿಕೊಳ್ಳಲಾಗಿದೆ. ಭದ್ರಾ ಜಲಾಶಯದ ನೀರನ್ನು ಬಳಸುವ ಕುರಿತು ರೈತರ ಆತಂಕ ಬೇಡ ಎಂದು ಸಚಿವರು ತಿಳಿಸಿದರು. ಕಾಮಗಾರಿ ಶೀಘ್ರ ಪೂರ್ಣಗೊಳಿಸಲಾಗುವುದು.
ಚಿಕ್ಕಮಗಳೂರು, ಚಿತ್ರದುರ್ಗ ಹಾಗೂ ದಾವಣಗೆರೆ ಜಿಲ್ಲೆಗಳ 1166 ಗ್ರಾಮಗಳಿಗೆ ಭದ್ರಾ ಜಲಾಶಯದಿಂದ ಕುಡಿಯುವ ನೀರು ಪೂರೈಸುವ ಯೋಜನೆ ಅನುಷ್ಠಾನಗೊಳ್ಳುತ್ತಿದೆ. ಜಲಜೀವನ್ ಮಿಷನ್ ಅಡಿಯಲ್ಲಿ ಯೋಜನೆ ಕೈಗೆತ್ತಿಕೊಳ್ಳಲಾಗಿದೆ. ಭದ್ರಾ ಜಲಾಶಯದ ನೀರನ್ನು ಬಳಸುವ ಕುರಿತು ರೈತರ ಆತಂಕ ಬೇಡ ಎಂದು ಸಚಿವರು ತಿಳಿಸಿದರು. ಕಾಮಗಾರಿ ಶೀಘ್ರ ಪೂರ್ಣಗೊಳಿಸಲಾಗುವುದು.
ಚಿಕ್ಕಮಗಳೂರು, ಚಿತ್ರದುರ್ಗ ಹಾಗೂ ದಾವಣಗೆರೆ ಜಿಲ್ಲೆಗಳ 1166 ಗ್ರಾಮಗಳಿಗೆ ಭದ್ರಾ ಜಲಾಶಯದಿಂದ ಕುಡಿಯುವ ನೀರು ಪೂರೈಸುವ ಯೋಜನೆ ಅನುಷ್ಠಾನಗೊಳ್ಳುತ್ತಿದೆ. ಜಲಜೀವನ್ ಮಿಷನ್ ಅಡಿಯಲ್ಲಿ ಯೋಜನೆ ಕೈಗೆತ್ತಿಕೊಳ್ಳಲಾಗಿದೆ. ಭದ್ರಾ ಜಲಾಶಯದ ನೀರನ್ನು ಬಳಸುವ ಕುರಿತು ರೈತರ ಆತಂಕ ಬೇಡ ಎಂದು ಸಚಿವರು ತಿಳಿಸಿದರು. ಕಾಮಗಾರಿ ಶೀಘ್ರ ಪೂರ್ಣಗೊಳಿಸಲಾಗುವುದು.
ಚಿಕ್ಕಮಗಳೂರು, ಚಿತ್ರದುರ್ಗ ಹಾಗೂ ದಾವಣಗೆರೆ ಜಿಲ್ಲೆಗಳ 1166 ಗ್ರಾಮಗಳಿಗೆ ಭದ್ರಾ ಜಲಾಶಯದಿಂದ ಕುಡಿಯುವ ನೀರು ಪೂರೈಸುವ ಯೋಜನೆ ಅನುಷ್ಠಾನಗೊಳ್ಳುತ್ತಿದೆ. ಜಲಜೀವನ್ ಮಿಷನ್ ಅಡಿಯಲ್ಲಿ ಯೋಜನೆ ಕೈಗೆತ್ತಿಕೊಳ್ಳಲಾಗಿದೆ. ಭದ್ರಾ ಜಲಾಶಯದ ನೀರನ್ನು ಬಳಸುವ ಕುರಿತು ರೈತರ ಆತಂಕ ಬೇಡ ಎಂದು ಸಚಿವರು ತಿಳಿಸಿದರು. ಕಾಮಗಾರಿ ಶೀಘ್ರ ಪೂರ್ಣಗೊಳಿಸಲಾಗುವುದು.
ಕ್ಲೈವ್ ನೆನಪಿಸಿಕೊಂಡು ಭಾವುಕರಾದ ಸಂಬಂಧಿಗಳು
ಮಂಗಳೂರು: ಅಹಮದಾಬಾದ್‌ನಲ್ಲಿ ಪತನಗೊಂಡ ವಿಮಾನದ ಸಹ ಪೈಲಟ್ ಕ್ಲೈವ್ ಕುಂದರ್ ಅವರ ಸಂಬಂಧಿಕರು ಮಂಗಳೂರಿನಲ್ಲಿ ಅವರನ್ನು ನೆನಪಿಸಿಕೊಂಡು ಭಾವುಕರಾದರು. ಚಿಕ್ಕಂದಿನಿಂದಲೇ ವಿಮಾನ ಹಾರಿಸುವ ಕನಸು ಕಂಡಿದ್ದ ಕ್ಲೈವ್ ತನ್ನ ಕನಸನ್ನು ನನಸು ಮಾಡಿಕೊಂಡಿದ್ದರು. ಮಂಗಳೂರಿನಲ್ಲಿರುವ ಅವರ ಕುಟುಂಬದ ಸದಸ್ಯರು ದುಃಖದಲ್ಲಿ ಮುಳುಗಿದ್ದಾರೆ. ಅವರ ಆತ್ಮಕ್ಕೆ ಶಾಂತಿ ಕೋರಿ ಪ್ರಾರ್ಥನೆ ಸಲ್ಲಿಸಲಾಯಿತು. ಅಹಮದಾಬಾದ್‌ನಲ್ಲಿ ಪತನಗೊಂಡ ವಿಮಾನದ ಸಹ ಪೈಲಟ್ ಕ್ಲೈವ್ ಕುಂದರ್ ಅವರ ಸಂಬಂಧಿಕರು ಮಂಗಳೂರಿನಲ್ಲಿ ಅವರನ್ನು ನೆನಪಿಸಿಕೊಂಡು ಭಾವುಕರಾದರು. ಚಿಕ್ಕಂದಿನಿಂದಲೇ ವಿಮಾನ ಹಾರಿಸುವ ಕನಸು ಕಂಡಿದ್ದ ಕ್ಲೈವ್ ತನ್ನ ಕನಸನ್ನು ನನಸು ಮಾಡಿಕೊಂಡಿದ್ದರು. ಮಂಗಳೂರಿನಲ್ಲಿರುವ ಅವರ ಕುಟುಂಬದ ಸದಸ್ಯರು ದುಃಖದಲ್ಲಿ ಮುಳುಗಿದ್ದಾರೆ. ಅವರ ಆತ್ಮಕ್ಕೆ ಶಾಂತಿ ಕೋರಿ ಪ್ರಾರ್ಥನೆ ಸಲ್ಲಿಸಲಾಯಿತು.
